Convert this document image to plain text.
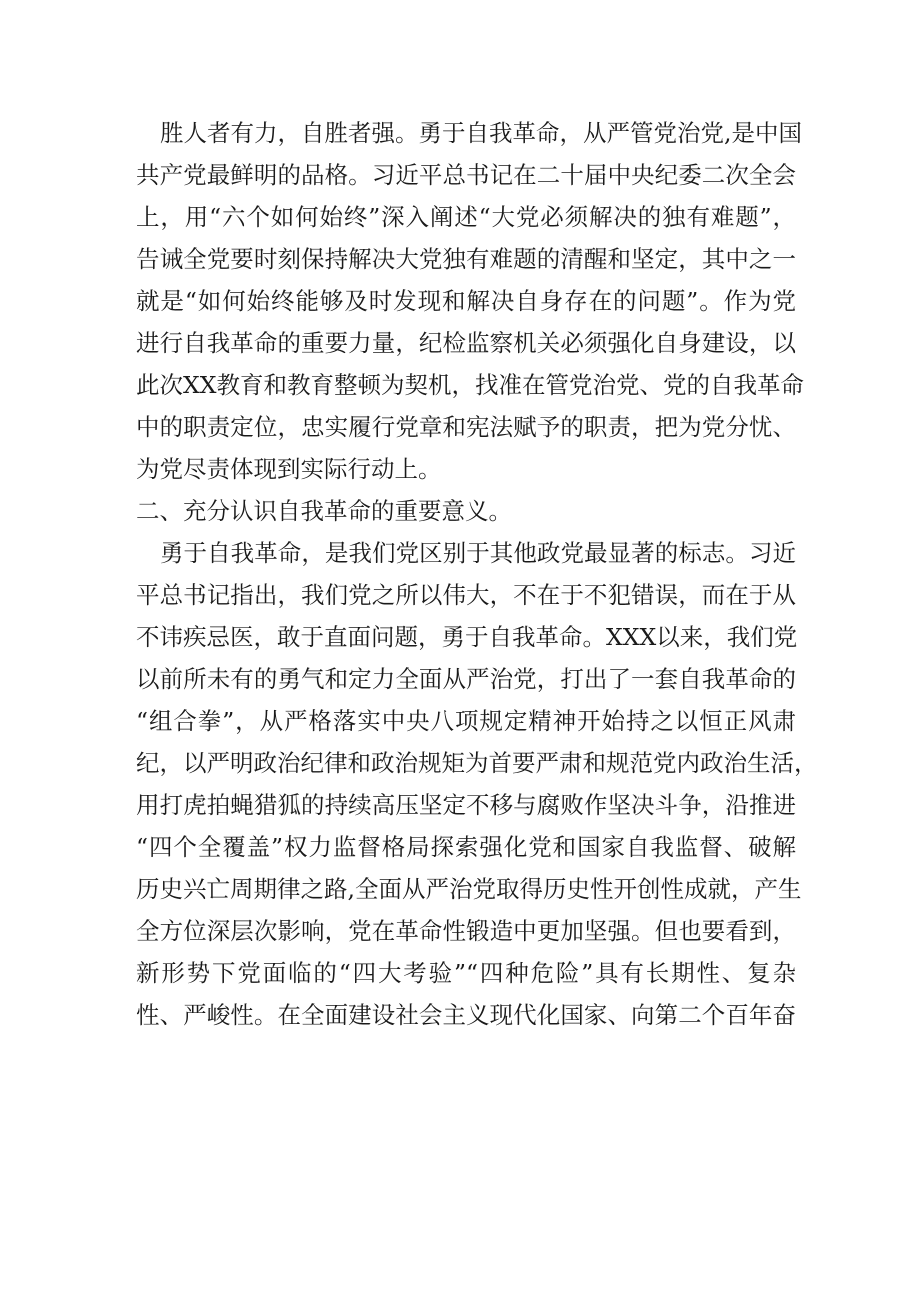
胜人者有力，自胜者强。勇于自我革命，从严管党治党,是中国
共产党最鲜明的品格。习近平总书记在二十届中央纪委二次全会
上，用“六个如何始终”深入阐述“大党必须解决的独有难题”，
告诫全党要时刻保持解决大党独有难题的清醒和坚定，其中之一
就是“如何始终能够及时发现和解决自身存在的问题”。作为党
进行自我革命的重要力量，纪检监察机关必须强化自身建设，以
此次XX教育和教育整顿为契机，找准在管党治党、党的自我革命
中的职责定位，忠实履行党章和宪法赋予的职责，把为党分忧、
为党尽责体现到实际行动上。
二、充分认识自我革命的重要意义。
勇于自我革命，是我们党区别于其他政党最显著的标志。习近
平总书记指出，我们党之所以伟大，不在于不犯错误，而在于从
不讳疾忌医，敢于直面问题，勇于自我革命。XXX以来，我们党
以前所未有的勇气和定力全面从严治党，打出了一套自我革命的
“组合拳”，从严格落实中央八项规定精神开始持之以恒正风肃
纪，以严明政治纪律和政治规矩为首要严肃和规范党内政治生活，
用打虎拍蝇猎狐的持续高压坚定不移与腐败作坚决斗争，沿推进
“四个全覆盖”权力监督格局探索强化党和国家自我监督、破解
历史兴亡周期律之路,全面从严治党取得历史性开创性成就，产生
全方位深层次影响，党在革命性锻造中更加坚强。但也要看到，
新形势下党面临的“四大考验”“四种危险”具有长期性、复杂
性、严峻性。在全面建设社会主义现代化国家、向第二个百年奋
